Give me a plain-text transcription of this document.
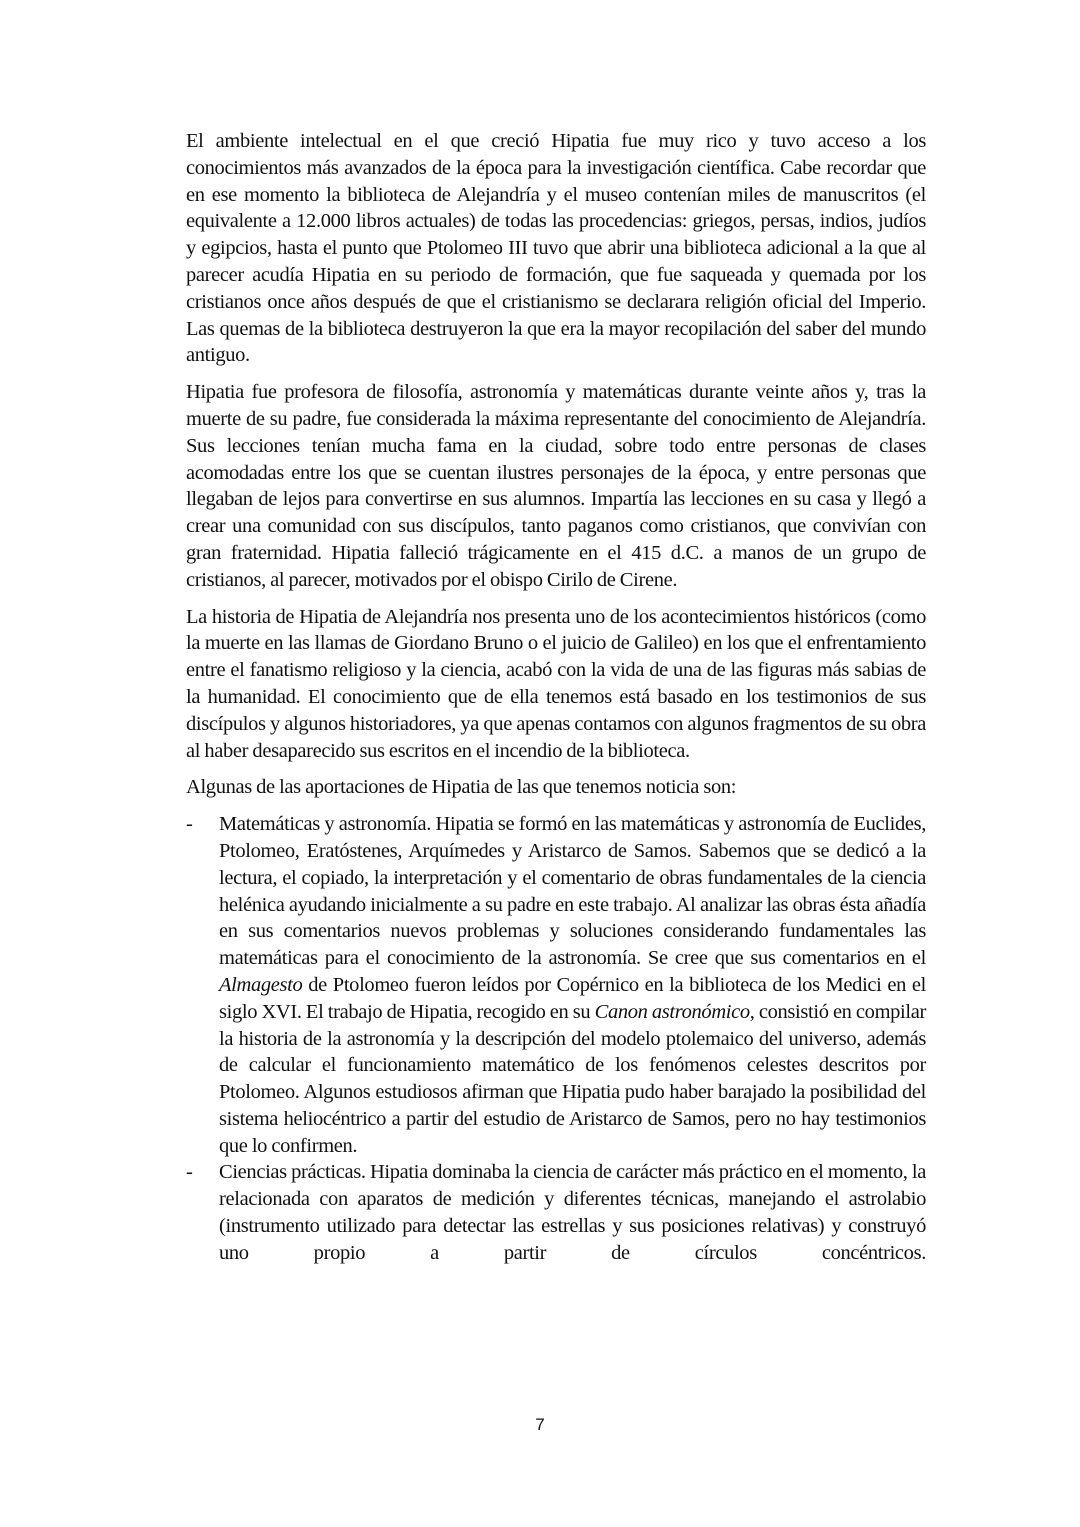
El ambiente intelectual en el que creció Hipatia fue muy rico y tuvo acceso a los conocimientos más avanzados de la época para la investigación científica. Cabe recordar que en ese momento la biblioteca de Alejandría y el museo contenían miles de manuscritos (el equivalente a 12.000 libros actuales) de todas las procedencias: griegos, persas, indios, judíos y egipcios, hasta el punto que Ptolomeo III tuvo que abrir una biblioteca adicional a la que al parecer acudía Hipatia en su periodo de formación, que fue saqueada y quemada por los cristianos once años después de que el cristianismo se declarara religión oficial del Imperio. Las quemas de la biblioteca destruyeron la que era la mayor recopilación del saber del mundo antiguo.

Hipatia fue profesora de filosofía, astronomía y matemáticas durante veinte años y, tras la muerte de su padre, fue considerada la máxima representante del conocimiento de Alejandría. Sus lecciones tenían mucha fama en la ciudad, sobre todo entre personas de clases acomodadas entre los que se cuentan ilustres personajes de la época, y entre personas que llegaban de lejos para convertirse en sus alumnos. Impartía las lecciones en su casa y llegó a crear una comunidad con sus discípulos, tanto paganos como cristianos, que convivían con gran fraternidad. Hipatia falleció trágicamente en el 415 d.C. a manos de un grupo de cristianos, al parecer, motivados por el obispo Cirilo de Cirene.

La historia de Hipatia de Alejandría nos presenta uno de los acontecimientos históricos (como la muerte en las llamas de Giordano Bruno o el juicio de Galileo) en los que el enfrentamiento entre el fanatismo religioso y la ciencia, acabó con la vida de una de las figuras más sabias de la humanidad. El conocimiento que de ella tenemos está basado en los testimonios de sus discípulos y algunos historiadores, ya que apenas contamos con algunos fragmentos de su obra al haber desaparecido sus escritos en el incendio de la biblioteca.

Algunas de las aportaciones de Hipatia de las que tenemos noticia son:

- Matemáticas y astronomía. Hipatia se formó en las matemáticas y astronomía de Euclides, Ptolomeo, Eratóstenes, Arquímedes y Aristarco de Samos. Sabemos que se dedicó a la lectura, el copiado, la interpretación y el comentario de obras fundamentales de la ciencia helénica ayudando inicialmente a su padre en este trabajo. Al analizar las obras ésta añadía en sus comentarios nuevos problemas y soluciones considerando fundamentales las matemáticas para el conocimiento de la astronomía. Se cree que sus comentarios en el Almagesto de Ptolomeo fueron leídos por Copérnico en la biblioteca de los Medici en el siglo XVI. El trabajo de Hipatia, recogido en su Canon astronómico, consistió en compilar la historia de la astronomía y la descripción del modelo ptolemaico del universo, además de calcular el funcionamiento matemático de los fenómenos celestes descritos por Ptolomeo. Algunos estudiosos afirman que Hipatia pudo haber barajado la posibilidad del sistema heliocéntrico a partir del estudio de Aristarco de Samos, pero no hay testimonios que lo confirmen.
- Ciencias prácticas. Hipatia dominaba la ciencia de carácter más práctico en el momento, la relacionada con aparatos de medición y diferentes técnicas, manejando el astrolabio (instrumento utilizado para detectar las estrellas y sus posiciones relativas) y construyó uno propio a partir de círculos concéntricos.
7
